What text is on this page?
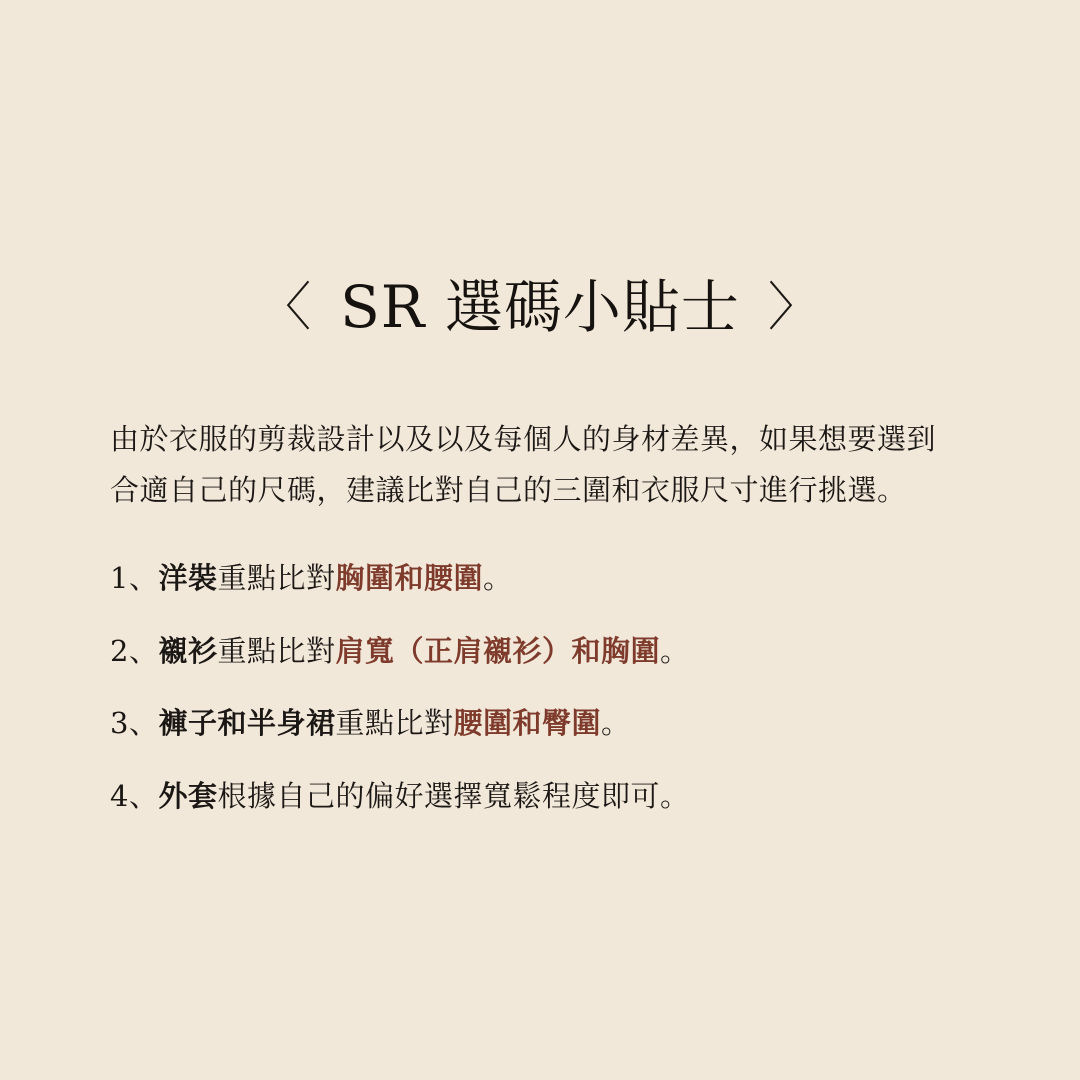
〈 SR 選碼小貼士 〉
由於衣服的剪裁設計以及以及每個人的身材差異，如果想要選到
合適自己的尺碼，建議比對自己的三圍和衣服尺寸進行挑選。
1、洋裝重點比對胸圍和腰圍。
2、襯衫重點比對肩寬（正肩襯衫）和胸圍。
3、褲子和半身裙重點比對腰圍和臀圍。
4、外套根據自己的偏好選擇寬鬆程度即可。
